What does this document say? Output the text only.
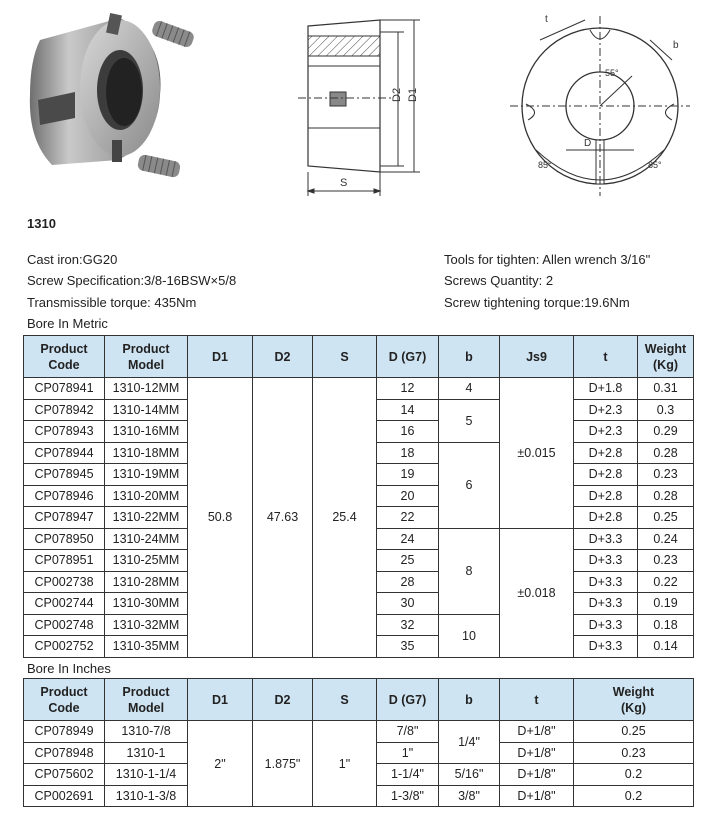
S
D2 D1
t
b
D
55°
85°	85°
1310
Cast iron:GG20
Screw Specification:3/8-16BSW×5/8
Transmissible torque: 435Nm
Tools for tighten: Allen wrench 3/16"
Screws Quantity: 2
Screw tightening torque:19.6Nm
Bore In Metric
Product
Code	Product
Model	D1	D2	S	D (G7)	b	Js9	t	Weight
(Kg)
CP078941	1310-12MM	50.8	47.63	25.4	12	4	±0.015	D+1.8	0.31
CP078942	1310-14MM				14	5		D+2.3	0.3
CP078943	1310-16MM				16			D+2.3	0.29
CP078944	1310-18MM				18	6		D+2.8	0.28
CP078945	1310-19MM				19			D+2.8	0.23
CP078946	1310-20MM				20			D+2.8	0.28
CP078947	1310-22MM				22			D+2.8	0.25
CP078950	1310-24MM				24	8	±0.018	D+3.3	0.24
CP078951	1310-25MM				25			D+3.3	0.23
CP002738	1310-28MM				28			D+3.3	0.22
CP002744	1310-30MM				30			D+3.3	0.19
CP002748	1310-32MM				32	10		D+3.3	0.18
CP002752	1310-35MM				35			D+3.3	0.14
Bore In Inches
Product
Code	Product
Model	D1	D2	S	D (G7)	b	t	Weight
(Kg)
CP078949	1310-7/8	2"	1.875"	1"	7/8"	1/4"	D+1/8"	0.25
CP078948	1310-1				1"		D+1/8"	0.23
CP075602	1310-1-1/4				1-1/4"	5/16"	D+1/8"	0.2
CP002691	1310-1-3/8				1-3/8"	3/8"	D+1/8"	0.2
